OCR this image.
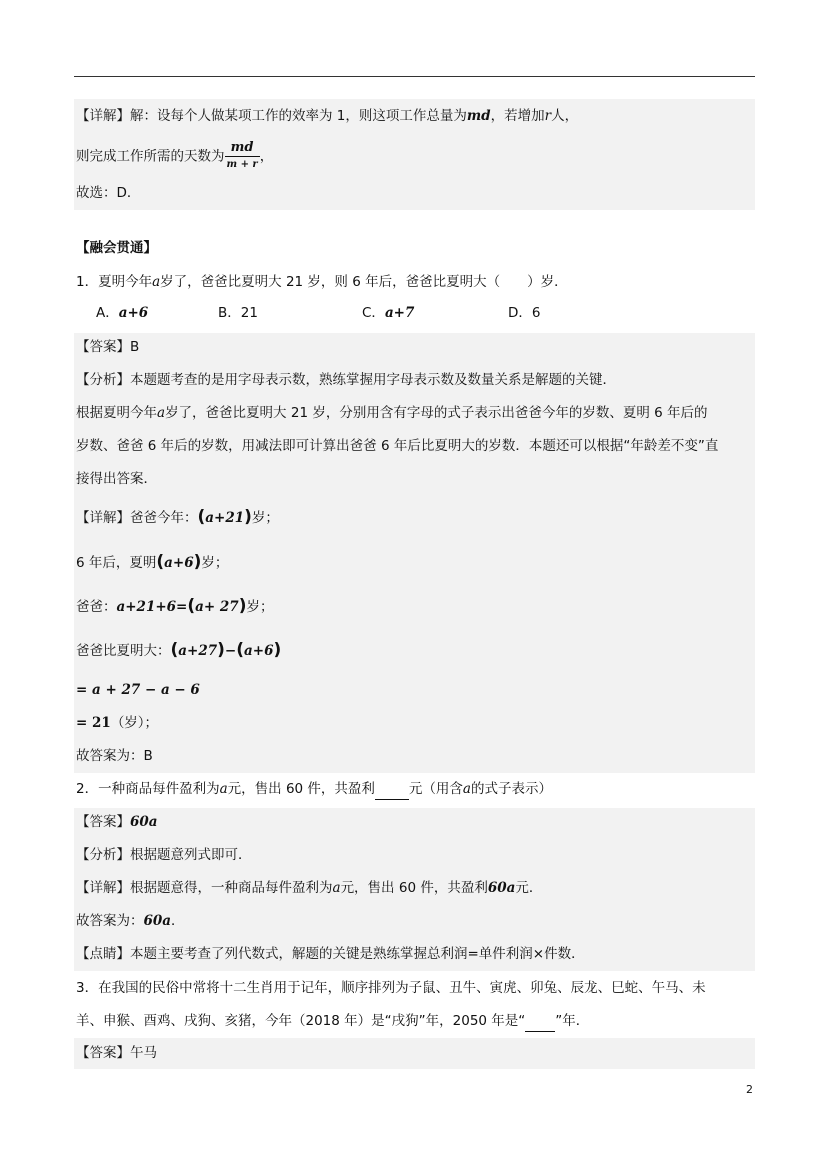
【详解】解：设每个人做某项工作的效率为 1，则这项工作总量为md，若增加r人，
则完成工作所需的天数为 $\frac{md}{m + r}$ ，
故选：D．
【融会贯通】
1．夏明今年a岁了，爸爸比夏明大 21 岁，则 6 年后，爸爸比夏明大（　　）岁．
A．a+6	B．21	C．a+7	D．6
【答案】B
【分析】本题题考查的是用字母表示数，熟练掌握用字母表示数及数量关系是解题的关键．
根据夏明今年a岁了，爸爸比夏明大 21 岁，分别用含有字母的式子表示出爸爸今年的岁数、夏明 6 年后的
岁数、爸爸 6 年后的岁数，用减法即可计算出爸爸 6 年后比夏明大的岁数．本题还可以根据“年龄差不变”直
接得出答案．
【详解】爸爸今年：(a+21)岁；
6 年后，夏明(a+6)岁；
爸爸：a+21+6=(a+ 27)岁；
爸爸比夏明大：(a+27)−(a+6)
= a + 27 − a − 6
= 21（岁）；
故答案为：B
2．一种商品每件盈利为a元，售出 60 件，共盈利	元（用含a的式子表示）
【答案】60a
【分析】根据题意列式即可．
【详解】根据题意得，一种商品每件盈利为a元，售出 60 件，共盈利60a元．
故答案为：60a．
【点睛】本题主要考查了列代数式，解题的关键是熟练掌握总利润=单件利润×件数．
3．在我国的民俗中常将十二生肖用于记年，顺序排列为子鼠、丑牛、寅虎、卯兔、辰龙、巳蛇、午马、未
羊、申猴、酉鸡、戌狗、亥猪，今年（2018 年）是“戌狗”年，2050 年是“ ”年．
【答案】午马
2
